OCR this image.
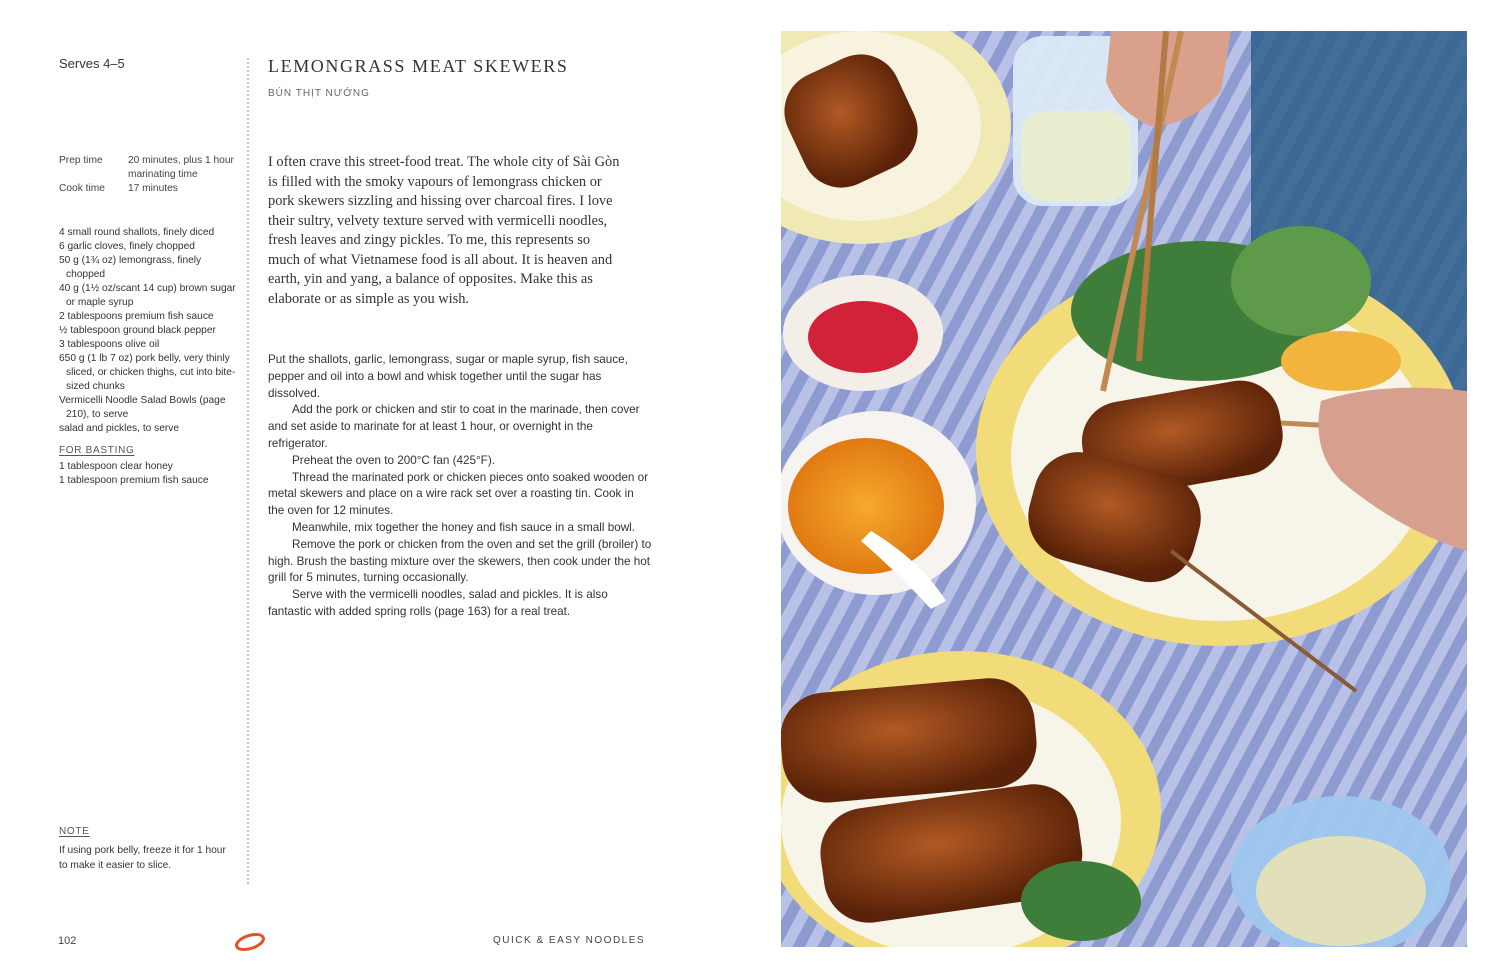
Serves 4–5
Prep time	20 minutes, plus 1 hour marinating time
Cook time	17 minutes
4 small round shallots, finely diced
6 garlic cloves, finely chopped
50 g (1¾ oz) lemongrass, finely chopped
40 g (1½ oz/scant 14 cup) brown sugar or maple syrup
2 tablespoons premium fish sauce
½ tablespoon ground black pepper
3 tablespoons olive oil
650 g (1 lb 7 oz) pork belly, very thinly sliced, or chicken thighs, cut into bite-sized chunks
Vermicelli Noodle Salad Bowls (page 210), to serve
salad and pickles, to serve
FOR BASTING
1 tablespoon clear honey
1 tablespoon premium fish sauce
NOTE
If using pork belly, freeze it for 1 hour to make it easier to slice.
LEMONGRASS MEAT SKEWERS
BÚN THỊT NƯỚNG
I often crave this street-food treat. The whole city of Sài Gòn is filled with the smoky vapours of lemongrass chicken or pork skewers sizzling and hissing over charcoal fires. I love their sultry, velvety texture served with vermicelli noodles, fresh leaves and zingy pickles. To me, this represents so much of what Vietnamese food is all about. It is heaven and earth, yin and yang, a balance of opposites. Make this as elaborate or as simple as you wish.

Put the shallots, garlic, lemongrass, sugar or maple syrup, fish sauce, pepper and oil into a bowl and whisk together until the sugar has dissolved.

Add the pork or chicken and stir to coat in the marinade, then cover and set aside to marinate for at least 1 hour, or overnight in the refrigerator.

Preheat the oven to 200°C fan (425°F).

Thread the marinated pork or chicken pieces onto soaked wooden or metal skewers and place on a wire rack set over a roasting tin. Cook in the oven for 12 minutes.

Meanwhile, mix together the honey and fish sauce in a small bowl.

Remove the pork or chicken from the oven and set the grill (broiler) to high. Brush the basting mixture over the skewers, then cook under the hot grill for 5 minutes, turning occasionally.

Serve with the vermicelli noodles, salad and pickles. It is also fantastic with added spring rolls (page 163) for a real treat.

102	QUICK & EASY NOODLES
